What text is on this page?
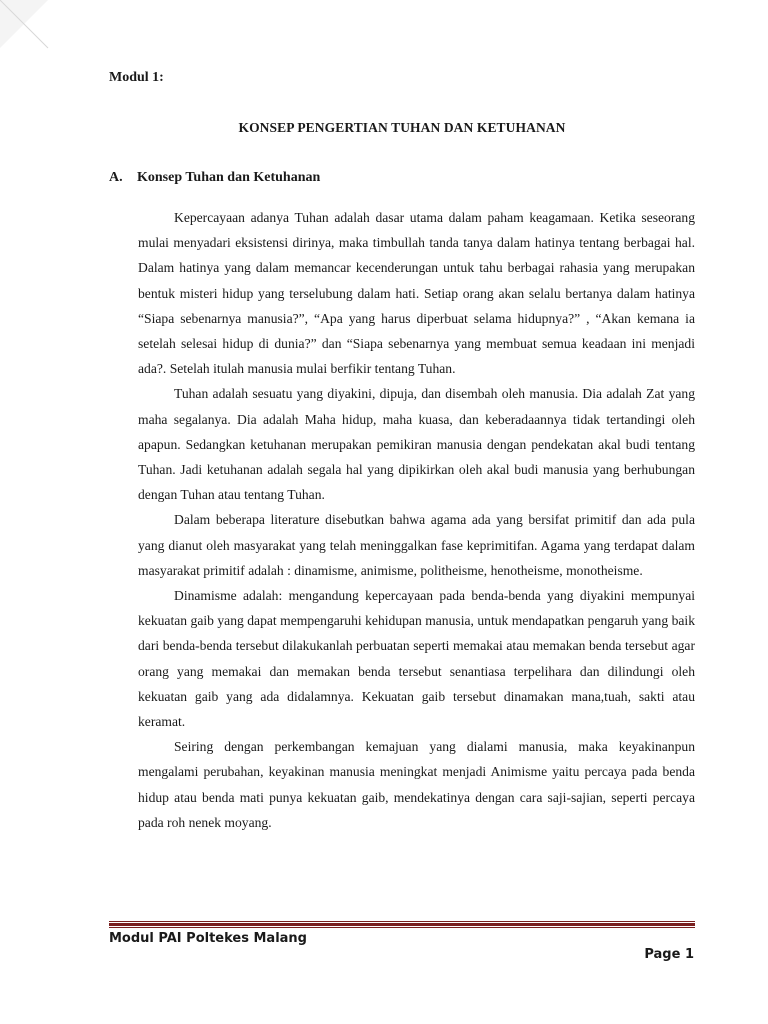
Modul 1:
KONSEP PENGERTIAN TUHAN DAN KETUHANAN
A. Konsep Tuhan dan Ketuhanan

Kepercayaan adanya Tuhan adalah dasar utama dalam paham keagamaan. Ketika seseorang mulai menyadari eksistensi dirinya, maka timbullah tanda tanya dalam hatinya tentang berbagai hal. Dalam hatinya yang dalam memancar kecenderungan untuk tahu berbagai rahasia yang merupakan bentuk misteri hidup yang terselubung dalam hati. Setiap orang akan selalu bertanya dalam hatinya “Siapa sebenarnya manusia?”, “Apa yang harus diperbuat selama hidupnya?” , “Akan kemana ia setelah selesai hidup di dunia?” dan “Siapa sebenarnya yang membuat semua keadaan ini menjadi ada?. Setelah itulah manusia mulai berfikir tentang Tuhan.

Tuhan adalah sesuatu yang diyakini, dipuja, dan disembah oleh manusia. Dia adalah Zat yang maha segalanya. Dia adalah Maha hidup, maha kuasa, dan keberadaannya tidak tertandingi oleh apapun. Sedangkan ketuhanan merupakan pemikiran manusia dengan pendekatan akal budi tentang Tuhan. Jadi ketuhanan adalah segala hal yang dipikirkan oleh akal budi manusia yang berhubungan dengan Tuhan atau tentang Tuhan.

Dalam beberapa literature disebutkan bahwa agama ada yang bersifat primitif dan ada pula yang dianut oleh masyarakat yang telah meninggalkan fase keprimitifan. Agama yang terdapat dalam masyarakat primitif adalah : dinamisme, animisme, politheisme, henotheisme, monotheisme.

Dinamisme adalah: mengandung kepercayaan pada benda-benda yang diyakini mempunyai kekuatan gaib yang dapat mempengaruhi kehidupan manusia, untuk mendapatkan pengaruh yang baik dari benda-benda tersebut dilakukanlah perbuatan seperti memakai atau memakan benda tersebut agar orang yang memakai dan memakan benda tersebut senantiasa terpelihara dan dilindungi oleh kekuatan gaib yang ada didalamnya. Kekuatan gaib tersebut dinamakan mana,tuah, sakti atau keramat.

Seiring dengan perkembangan kemajuan yang dialami manusia, maka keyakinanpun mengalami perubahan, keyakinan manusia meningkat menjadi Animisme yaitu percaya pada benda hidup atau benda mati punya kekuatan gaib, mendekatinya dengan cara saji-sajian, seperti percaya pada roh nenek moyang.

Modul PAI Poltekes Malang
Page 1
